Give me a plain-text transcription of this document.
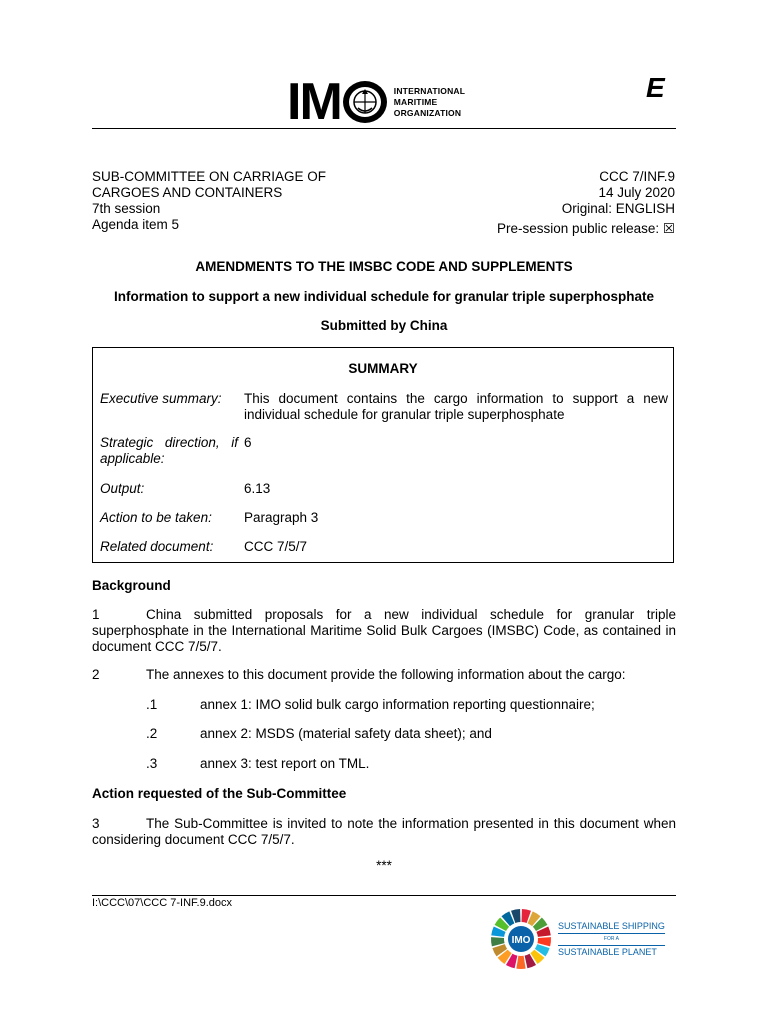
I M	INTERNATIONAL
MARITIME
ORGANIZATION
E
SUB-COMMITTEE ON CARRIAGE OF
CARGOES AND CONTAINERS
7th session
Agenda item 5
CCC 7/INF.9
14 July 2020
Original: ENGLISH
Pre-session public release: ☒
AMENDMENTS TO THE IMSBC CODE AND SUPPLEMENTS
Information to support a new individual schedule for granular triple superphosphate
Submitted by China
SUMMARY
Executive summary:	This document contains the cargo information to support a new individual schedule for granular triple superphosphate
Strategic direction, if applicable:
6
Output:	6.13
Action to be taken:	Paragraph 3
Related document:	CCC 7/5/7
Background
1	China submitted proposals for a new individual schedule for granular triple superphosphate in the International Maritime Solid Bulk Cargoes (IMSBC) Code, as contained in document CCC 7/5/7.
2	The annexes to this document provide the following information about the cargo:
.1	annex 1: IMO solid bulk cargo information reporting questionnaire;
.2	annex 2: MSDS (material safety data sheet); and
.3	annex 3: test report on TML.
Action requested of the Sub-Committee
3	The Sub-Committee is invited to note the information presented in this document when considering document CCC 7/5/7.
***
I:\CCC\07\CCC 7-INF.9.docx
IMO
SUSTAINABLE SHIPPING
FOR A
SUSTAINABLE PLANET
